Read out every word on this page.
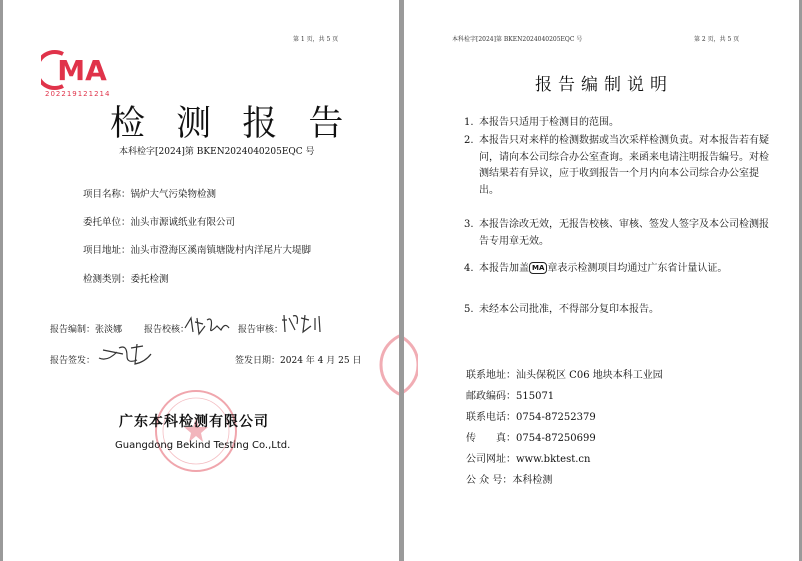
第 1 页，共 5 页
MA
202219121214
检 测 报 告
本科检字[2024]第 BKEN2024040205EQC 号
项目名称：锅炉大气污染物检测
委托单位：汕头市源诚纸业有限公司
项目地址：汕头市澄海区溪南镇塘陇村内洋尾片大堤脚
检测类别：委托检测
报告编制：张淡娜 报告校核：	报告审核：
报告签发：	签发日期：2024 年 4 月 25 日
广东本科检测有限公司
Guangdong Bekind Testing Co.,Ltd.
本科检字[2024]第 BKEN2024040205EQC 号	第 2 页，共 5 页
报告编制说明
1. 本报告只适用于检测目的范围。
2. 本报告只对来样的检测数据或当次采样检测负责。对本报告若有疑问，请向本公司综合办公室查询。来函来电请注明报告编号。对检测结果若有异议，应于收到报告一个月内向本公司综合办公室提出。
3. 本报告涂改无效，无报告校核、审核、签发人签字及本公司检测报告专用章无效。
4. 本报告加盖 MA 章表示检测项目均通过广东省计量认证。
5. 未经本公司批准，不得部分复印本报告。
联系地址：汕头保税区 C06 地块本科工业园
邮政编码：515071
联系电话：0754-87252379
传　　真：0754-87250699
公司网址：www.bktest.cn
公 众 号：本科检测
